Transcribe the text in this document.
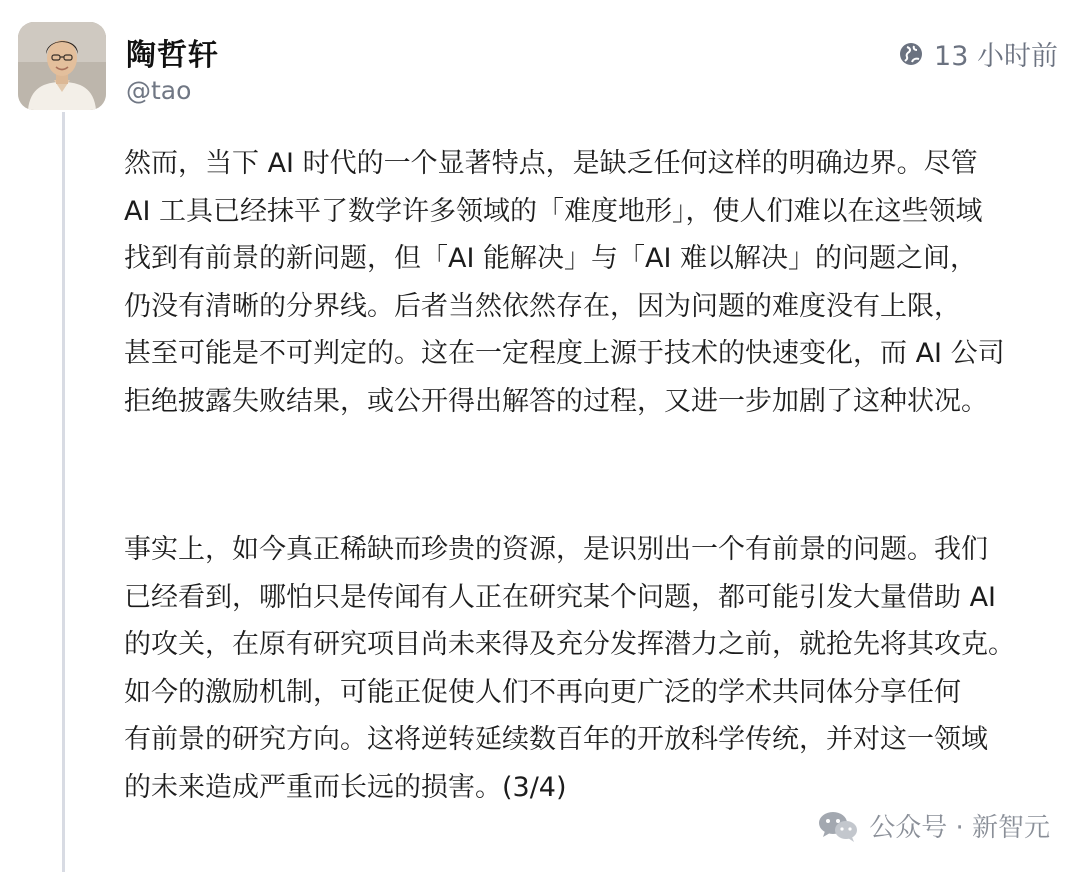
陶哲轩
@tao
13 小时前
然而，当下 AI 时代的一个显著特点，是缺乏任何这样的明确边界。尽管
AI 工具已经抹平了数学许多领域的「难度地形」，使人们难以在这些领域
找到有前景的新问题，但「AI 能解决」与「AI 难以解决」的问题之间，
仍没有清晰的分界线。后者当然依然存在，因为问题的难度没有上限，
甚至可能是不可判定的。这在一定程度上源于技术的快速变化，而 AI 公司
拒绝披露失败结果，或公开得出解答的过程，又进一步加剧了这种状况。
事实上，如今真正稀缺而珍贵的资源，是识别出一个有前景的问题。我们
已经看到，哪怕只是传闻有人正在研究某个问题，都可能引发大量借助 AI
的攻关，在原有研究项目尚未来得及充分发挥潜力之前，就抢先将其攻克。
如今的激励机制，可能正促使人们不再向更广泛的学术共同体分享任何
有前景的研究方向。这将逆转延续数百年的开放科学传统，并对这一领域
的未来造成严重而长远的损害。(3/4)
公众号 · 新智元
